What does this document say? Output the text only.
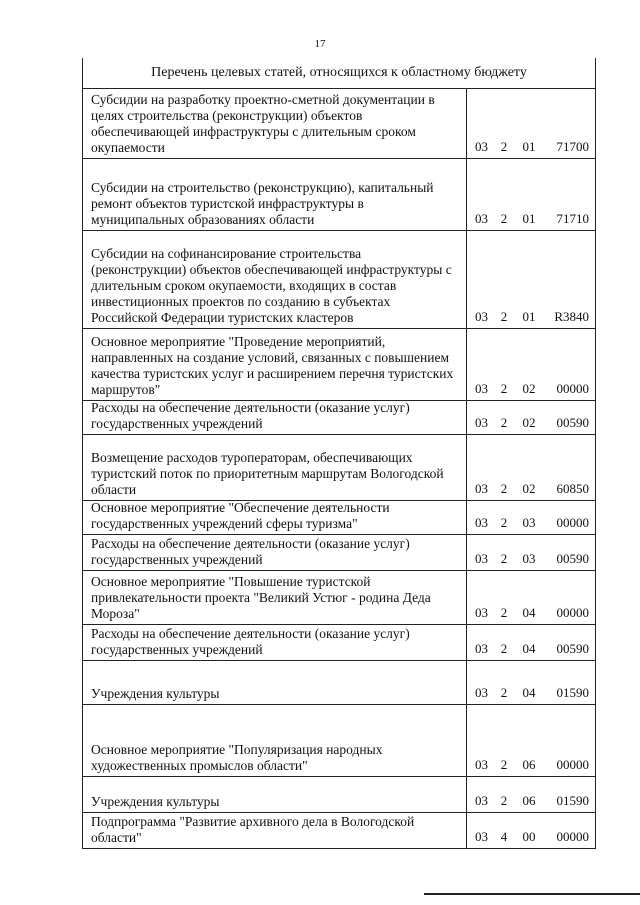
17
Перечень целевых статей, относящихся к областному бюджету
Субсидии на разработку проектно-сметной документации в
целях строительства (реконструкции) объектов
обеспечивающей инфраструктуры с длительным сроком
окупаемости	03 2	01	71700
Субсидии на строительство (реконструкцию), капитальный
ремонт объектов туристской инфраструктуры в
муниципальных образованиях области	03 2	01	71710
Субсидии на софинансирование строительства
(реконструкции) объектов обеспечивающей инфраструктуры с
длительным сроком окупаемости, входящих в состав
инвестиционных проектов по созданию в субъектах
Российской Федерации туристских кластеров	03 2	01	R3840
Основное мероприятие "Проведение мероприятий,
направленных на создание условий, связанных с повышением
качества туристских услуг и расширением перечня туристских
маршрутов"	03 2	02	00000
Расходы на обеспечение деятельности (оказание услуг)
государственных учреждений	03 2	02	00590
Возмещение расходов туроператорам, обеспечивающих
туристский поток по приоритетным маршрутам Вологодской
области	03 2	02	60850
Основное мероприятие "Обеспечение деятельности
государственных учреждений сферы туризма"	03 2	03	00000
Расходы на обеспечение деятельности (оказание услуг)
государственных учреждений	03 2	03	00590
Основное мероприятие "Повышение туристской
привлекательности проекта "Великий Устюг - родина Деда
Мороза"	03 2	04	00000
Расходы на обеспечение деятельности (оказание услуг)
государственных учреждений	03 2	04	00590
Учреждения культуры	03 2	04	01590
Основное мероприятие "Популяризация народных
художественных промыслов области"	03 2	06	00000
Учреждения культуры	03 2	06	01590
Подпрограмма "Развитие архивного дела в Вологодской
области"	03 4	00	00000
